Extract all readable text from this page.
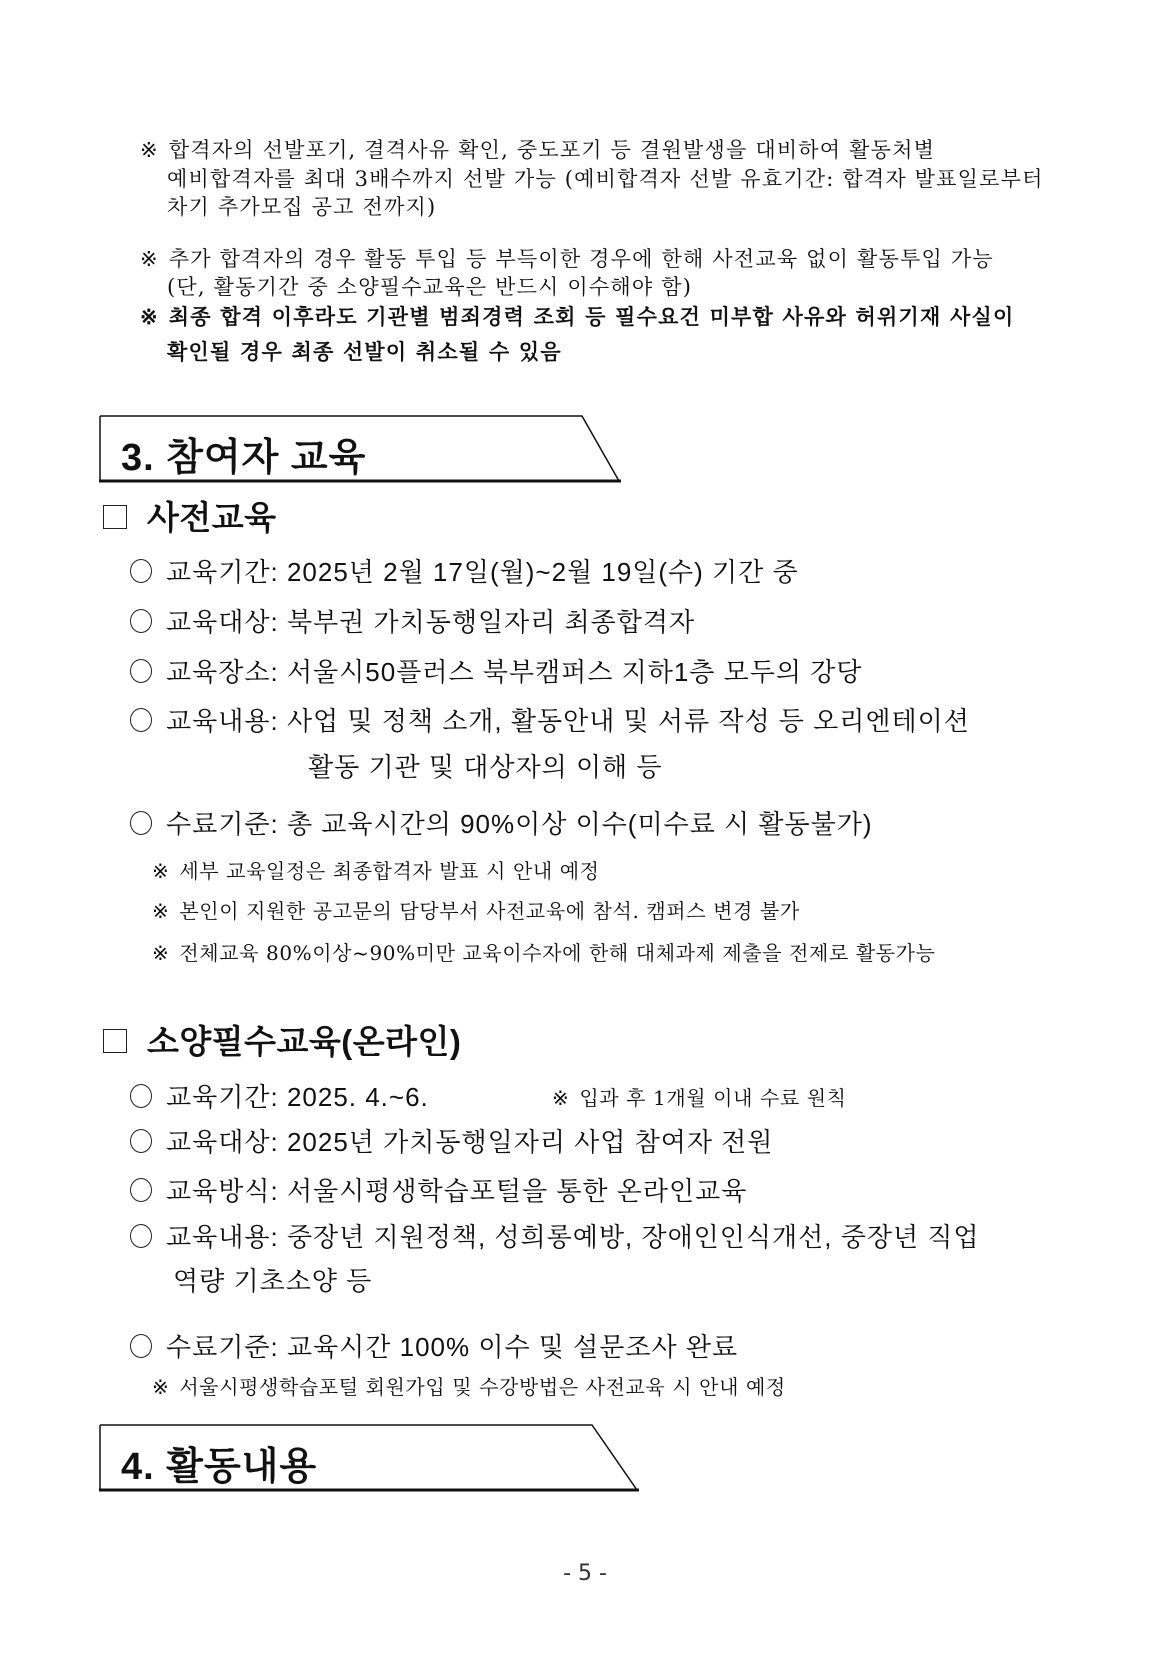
※ 합격자의 선발포기, 결격사유 확인, 중도포기 등 결원발생을 대비하여 활동처별
예비합격자를 최대 3배수까지 선발 가능 (예비합격자 선발 유효기간: 합격자 발표일로부터
차기 추가모집 공고 전까지)
※ 추가 합격자의 경우 활동 투입 등 부득이한 경우에 한해 사전교육 없이 활동투입 가능
(단, 활동기간 중 소양필수교육은 반드시 이수해야 함)
※ 최종 합격 이후라도 기관별 범죄경력 조회 등 필수요건 미부합 사유와 허위기재 사실이
확인될 경우 최종 선발이 취소될 수 있음
3. 참여자 교육
사전교육
교육기간: 2025년 2월 17일(월)~2월 19일(수) 기간 중
교육대상: 북부권 가치동행일자리 최종합격자
교육장소: 서울시50플러스 북부캠퍼스 지하1층 모두의 강당
교육내용: 사업 및 정책 소개, 활동안내 및 서류 작성 등 오리엔테이션
활동 기관 및 대상자의 이해 등
수료기준: 총 교육시간의 90%이상 이수(미수료 시 활동불가)
※ 세부 교육일정은 최종합격자 발표 시 안내 예정
※ 본인이 지원한 공고문의 담당부서 사전교육에 참석. 캠퍼스 변경 불가
※ 전체교육 80%이상~90%미만 교육이수자에 한해 대체과제 제출을 전제로 활동가능
소양필수교육(온라인)
교육기간: 2025. 4.~6.	※ 입과 후 1개월 이내 수료 원칙
교육대상: 2025년 가치동행일자리 사업 참여자 전원
교육방식: 서울시평생학습포털을 통한 온라인교육
교육내용: 중장년 지원정책, 성희롱예방, 장애인인식개선, 중장년 직업
역량 기초소양 등
수료기준: 교육시간 100% 이수 및 설문조사 완료
※ 서울시평생학습포털 회원가입 및 수강방법은 사전교육 시 안내 예정
4. 활동내용
- 5 -
